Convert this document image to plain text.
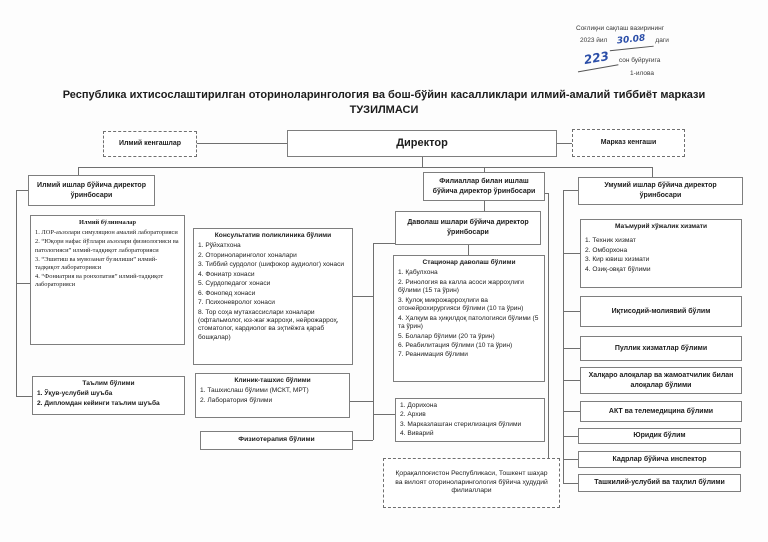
Соғлиқни сақлаш вазирининг
2023 йил 30.08 даги
223 сон буйруғига
1-илова
Республика ихтисослаштирилган оториноларингология ва бош-бўйин касалликлари илмий-амалий тиббиёт маркази
ТУЗИЛМАСИ
Илмий кенгашлар	Директор	Марказ кенгаши
Илмий ишлар бўйича директор ўринбосари
Филиаллар билан ишлаш бўйича директор ўринбосари
Даволаш ишлари бўйича директор ўринбосари
Умумий ишлар бўйича директор ўринбосари
Илмий бўлинмалар
1. ЛОР-аъзолари симуляцион амалий лабораторияси
2. “Юқори нафас йўллари аъзолари физиологияси ва патологияси” илмий-тадқиқот лабораторияси
3. “Эшитиш ва мувозанат бузилиши” илмий-тадқиқот лабораторияси
4. “Фониатрия ва ронхопатия” илмий-тадқиқот лабораторияси
Таълим бўлими
1. Ўқув-услубий шуъба
2. Дипломдан кейинги таълим шуъба
Консультатив поликлиника бўлими
1. Рўйхатхона
2. Оториноларинголог хоналари
3. Тиббий сурдолог (шифокор аудиолог) хонаси
4. Фониатр хонаси
5. Сурдопедагог хонаси
6. Фонопед хонаси
7. Психоневролог хонаси
8. Тор соҳа мутахассислари хоналари (офтальмолог, юз-жағ жарроҳи, нейрожарроҳ, стоматолог, кардиолог ва эҳтиёжга қараб бошқалар)
Клиник-ташхис бўлими
1. Ташхислаш бўлими (МСКТ, МРТ)
2. Лаборатория бўлими
Физиотерапия бўлими
Стационар даволаш бўлими
1. Қабулхона
2. Ринология ва калла асоси жарроҳлиги бўлими (15 та ўрин)
3. Қулоқ микрожарроҳлиги ва отонейрохирургияси бўлими (10 та ўрин)
4. Ҳалқум ва ҳиқилдоқ патологияси бўлими (5 та ўрин)
5. Болалар бўлими (20 та ўрин)
6. Реабилитация бўлими (10 та ўрин)
7. Реанимация бўлими
1. Дорихона
2. Архив
3. Марказлашган стерилизация бўлими
4. Виварий
Қорақалпоғистон Республикаси, Тошкент шаҳар ва вилоят оториноларингология бўйича ҳудудий филиаллари
Маъмурий хўжалик хизмати
1. Техник хизмат
2. Омборхона
3. Кир ювиш хизмати
4. Озиқ-овқат бўлими
Иқтисодий-молиявий бўлим
Пуллик хизматлар бўлими
Халқаро алоқалар ва жамоатчилик билан алоқалар бўлими
АКТ ва телемедицина бўлими
Юридик бўлим
Кадрлар бўйича инспектор
Ташкилий-услубий ва таҳлил бўлими
